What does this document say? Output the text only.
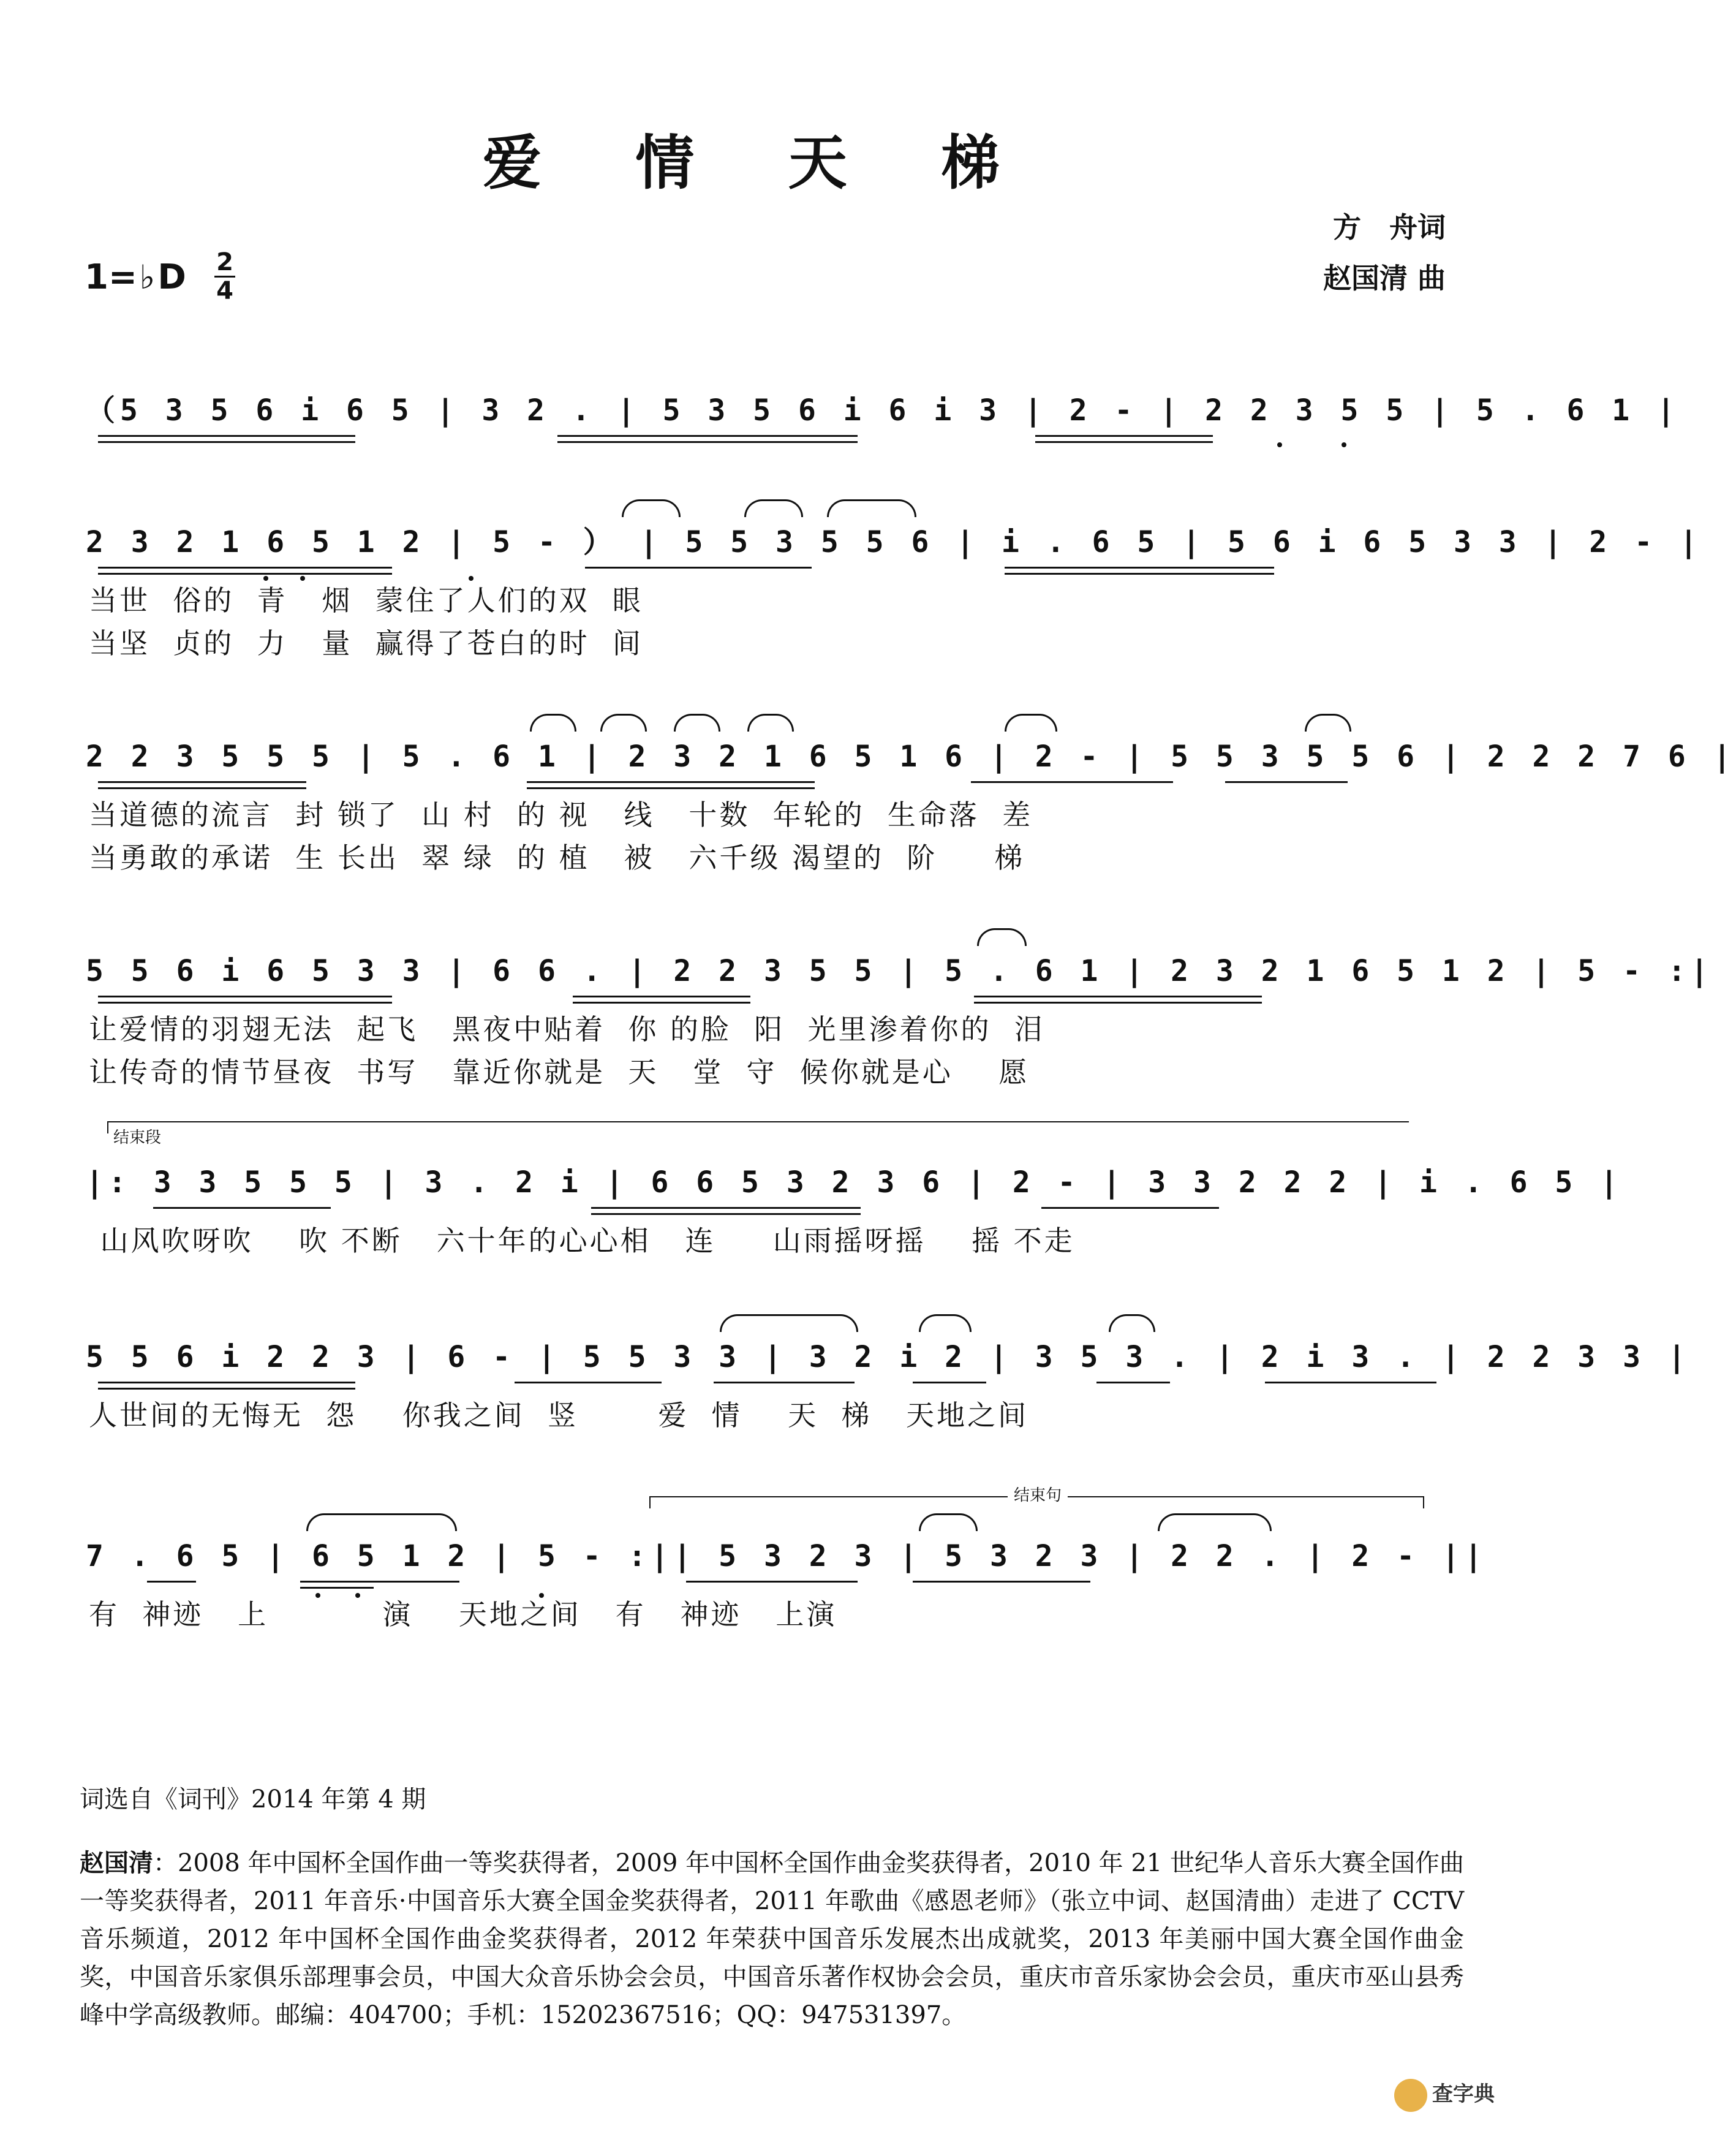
爱 情 天 梯
方　舟词
赵国清 曲
1=♭D 2
4
（5 3 5 6 i 6 5 | 3 2 . | 5 3 5 6 i 6 i 3 | 2 - | 2 2 3 5 5 | 5 . 6 1 |
2 3 2 1 6 5 1 2 | 5 - ） | 5 5 3 5 5 6 | i . 6 5 | 5 6 i 6 5 3 3 | 2 - |
当世  俗的  青   烟  蒙住了人们的双  眼
当坚  贞的  力   量  赢得了苍白的时  间
2 2 3 5 5 5 | 5 . 6 1 | 2 3 2 1 6 5 1 6 | 2 - | 5 5 3 5 5 6 | 2 2 2 7 6 |
当道德的流言  封 锁了  山 村  的 视   线   十数  年轮的  生命落  差
当勇敢的承诺  生 长出  翠 绿  的 植   被   六千级 渴望的  阶     梯
5 5 6 i 6 5 3 3 | 6 6 . | 2 2 3 5 5 | 5 . 6 1 | 2 3 2 1 6 5 1 2 | 5 - :|
让爱情的羽翅无法  起飞   黑夜中贴着  你 的脸  阳  光里渗着你的  泪
让传奇的情节昼夜  书写   靠近你就是  天   堂  守  候你就是心    愿
结束段
|: 3 3 5 5 5 | 3 . 2 i | 6 6 5 3 2 3 6 | 2 - | 3 3 2 2 2 | i . 6 5 |
山风吹呀吹    吹 不断   六十年的心心相   连     山雨摇呀摇    摇 不走
5 5 6 i 2 2 3 | 6 - | 5 5 3 3 | 3 2 i 2 | 3 5 3 . | 2 i 3 . | 2 2 3 3 |
人世间的无悔无  怨    你我之间  竖       爱  情    天  梯   天地之间
结束句
7 . 6 5 | 6 5 1 2 | 5 - :|| 5 3 2 3 | 5 3 2 3 | 2 2 . | 2 - ||
有  神迹   上          演    天地之间   有   神迹   上演
词选自《词刊》2014 年第 4 期
赵国清：2008 年中国杯全国作曲一等奖获得者，2009 年中国杯全国作曲金奖获得者，2010 年 21 世纪华人音乐大赛全国作曲一等奖获得者，2011 年音乐·中国音乐大赛全国金奖获得者，2011 年歌曲《感恩老师》（张立中词、赵国清曲）走进了 CCTV 音乐频道，2012 年中国杯全国作曲金奖获得者，2012 年荣获中国音乐发展杰出成就奖，2013 年美丽中国大赛全国作曲金奖，中国音乐家俱乐部理事会员，中国大众音乐协会会员，中国音乐著作权协会会员，重庆市音乐家协会会员，重庆市巫山县秀峰中学高级教师。邮编：404700；手机：15202367516；QQ：947531397。
查字典
